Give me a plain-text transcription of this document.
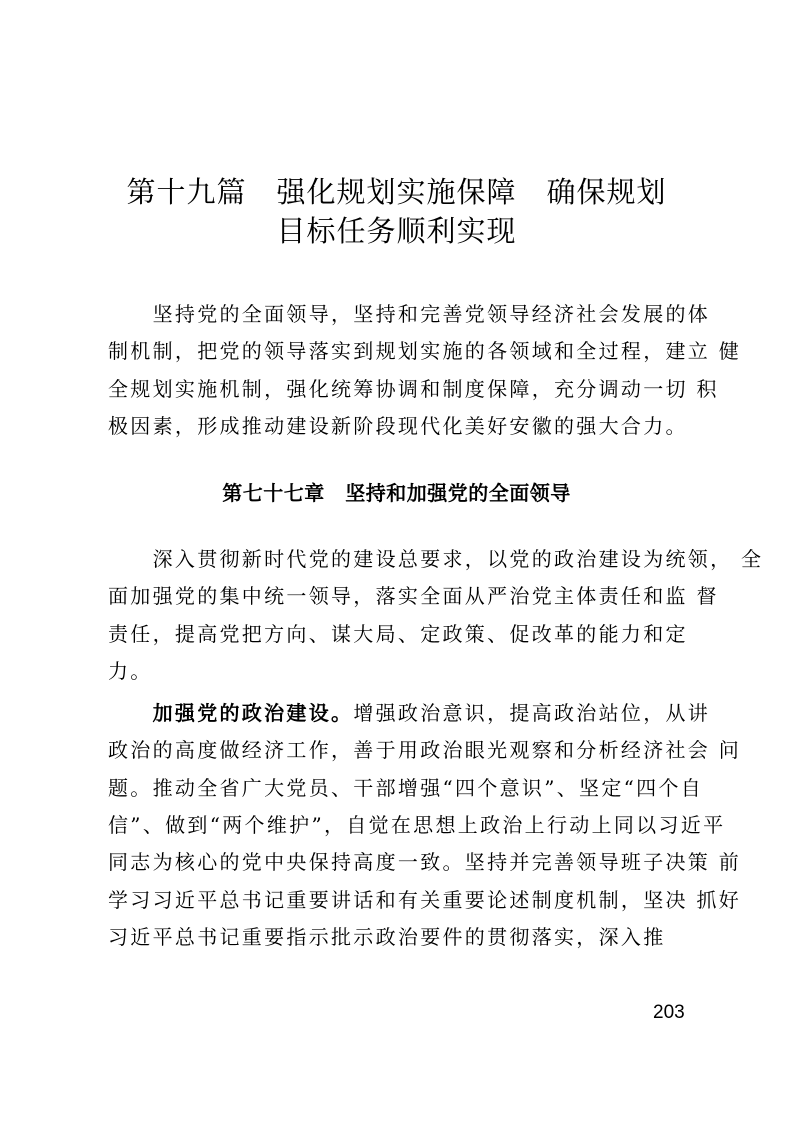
第十九篇　强化规划实施保障　确保规划
目标任务顺利实现
　　坚持党的全面领导，坚持和完善党领导经济社会发展的体
制机制，把党的领导落实到规划实施的各领域和全过程，建立 健
全规划实施机制，强化统筹协调和制度保障，充分调动一切 积
极因素，形成推动建设新阶段现代化美好安徽的强大合力。
第七十七章　坚持和加强党的全面领导
　　深入贯彻新时代党的建设总要求，以党的政治建设为统领， 全
面加强党的集中统一领导，落实全面从严治党主体责任和监 督
责任，提高党把方向、谋大局、定政策、促改革的能力和定
力。
　　加强党的政治建设。增强政治意识，提高政治站位，从讲
政治的高度做经济工作，善于用政治眼光观察和分析经济社会 问
题。推动全省广大党员、干部增强“四个意识”、坚定“四个自
信”、做到“两个维护”，自觉在思想上政治上行动上同以习近平
同志为核心的党中央保持高度一致。坚持并完善领导班子决策 前
学习习近平总书记重要讲话和有关重要论述制度机制，坚决 抓好
习近平总书记重要指示批示政治要件的贯彻落实，深入推
203
